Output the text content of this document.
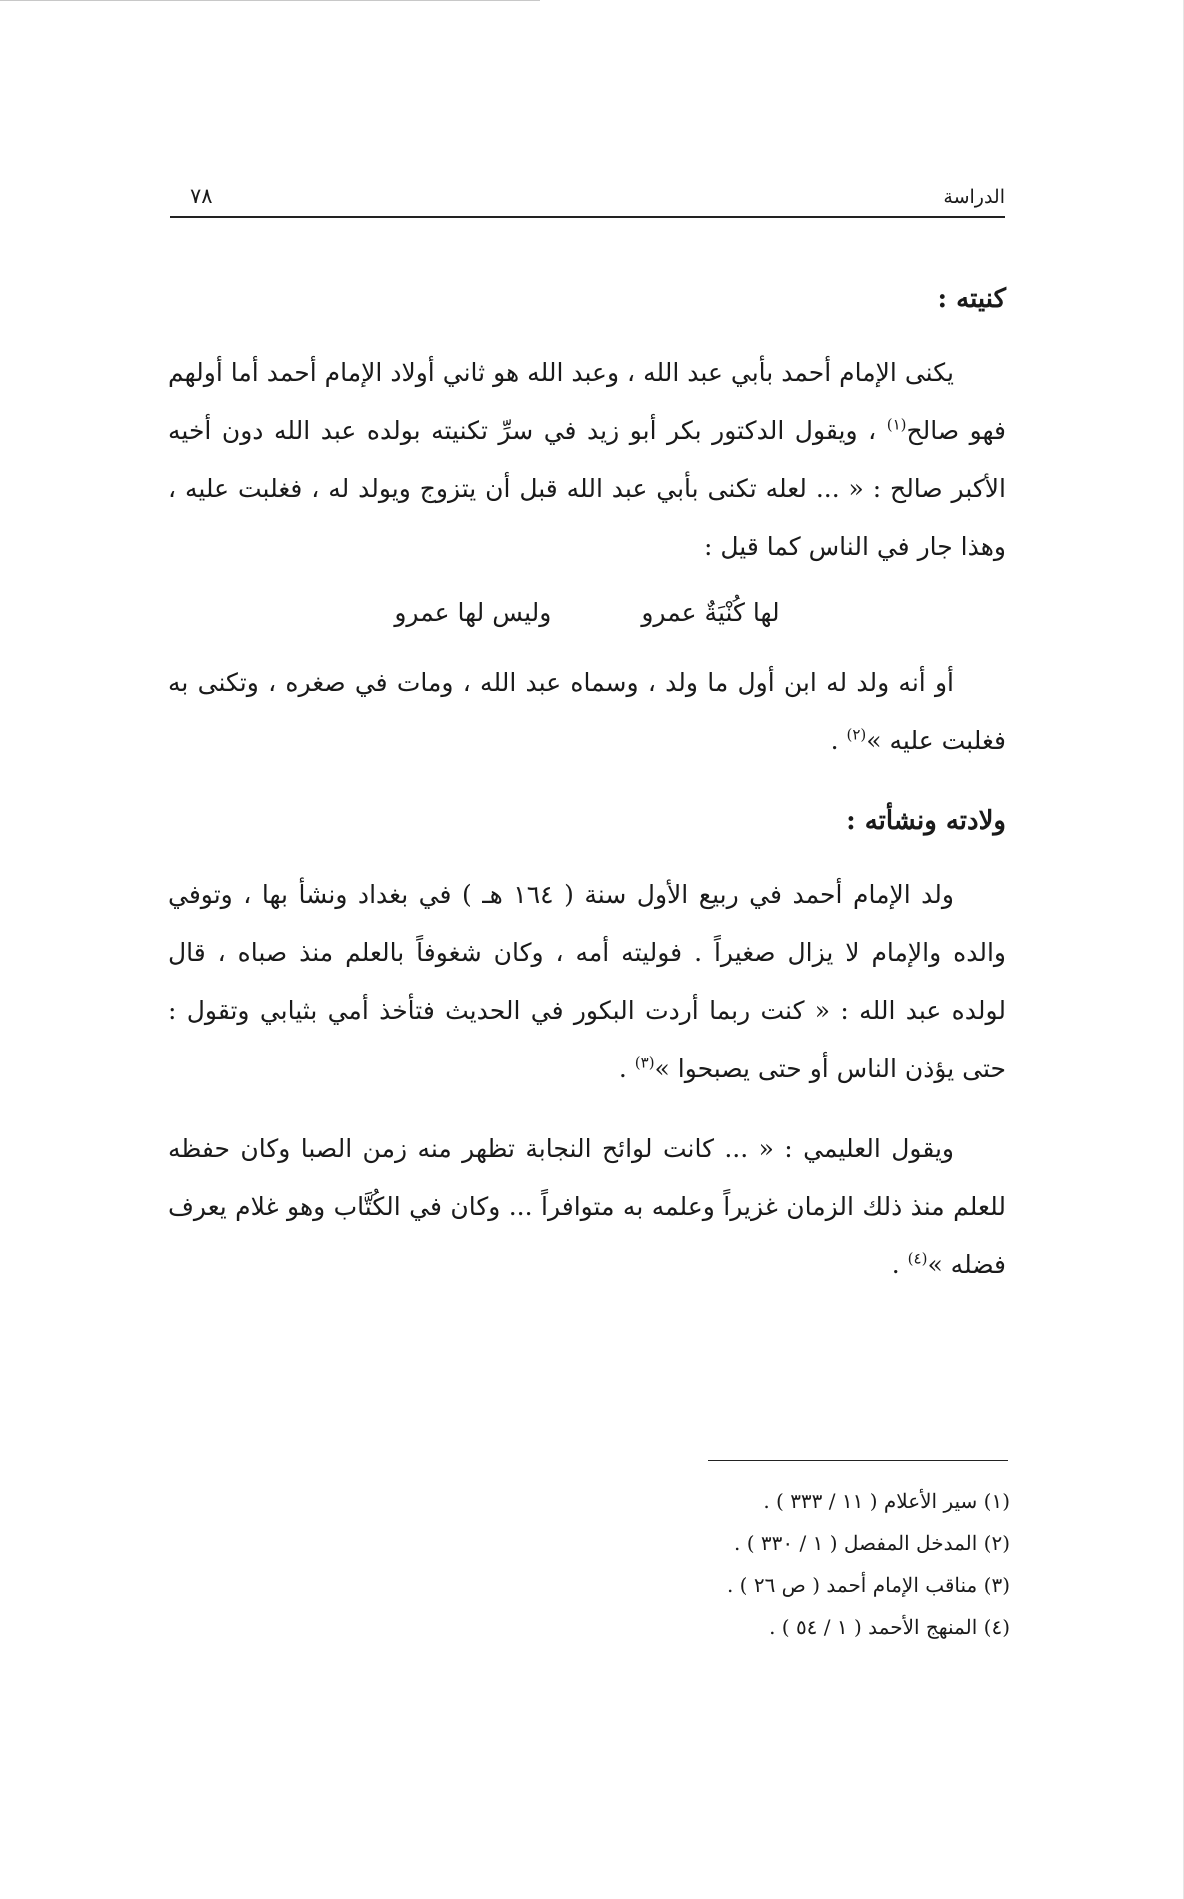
الدراسة
٧٨
كنيته :

يكنى الإمام أحمد بأبي عبد الله ، وعبد الله هو ثاني أولاد الإمام أحمد أما أولهم فهو صالح$^{(١)}$ ، ويقول الدكتور بكر أبو زيد في سرِّ تكنيته بولده عبد الله دون أخيه الأكبر صالح : « ... لعله تكنى بأبي عبد الله قبل أن يتزوج ويولد له ، فغلبت عليه ، وهذا جار في الناس كما قيل :

لها كُنْيَةٌ عمرووليس لها عمرو

أو أنه ولد له ابن أول ما ولد ، وسماه عبد الله ، ومات في صغره ، وتكنى به فغلبت عليه »$^{(٢)}$ .

ولادته ونشأته :

ولد الإمام أحمد في ربيع الأول سنة ( ١٦٤ هـ ) في بغداد ونشأ بها ، وتوفي والده والإمام لا يزال صغيراً . فوليته أمه ، وكان شغوفاً بالعلم منذ صباه ، قال لولده عبد الله : « كنت ربما أردت البكور في الحديث فتأخذ أمي بثيابي وتقول : حتى يؤذن الناس أو حتى يصبحوا »$^{(٣)}$ .

ويقول العليمي : « ... كانت لوائح النجابة تظهر منه زمن الصبا وكان حفظه للعلم منذ ذلك الزمان غزيراً وعلمه به متوافراً ... وكان في الكُتَّاب وهو غلام يعرف فضله »$^{(٤)}$ .

(١) سير الأعلام ( ١١ / ٣٣٣ ) .

(٢) المدخل المفصل ( ١ / ٣٣٠ ) .

(٣) مناقب الإمام أحمد ( ص ٢٦ ) .

(٤) المنهج الأحمد ( ١ / ٥٤ ) .
